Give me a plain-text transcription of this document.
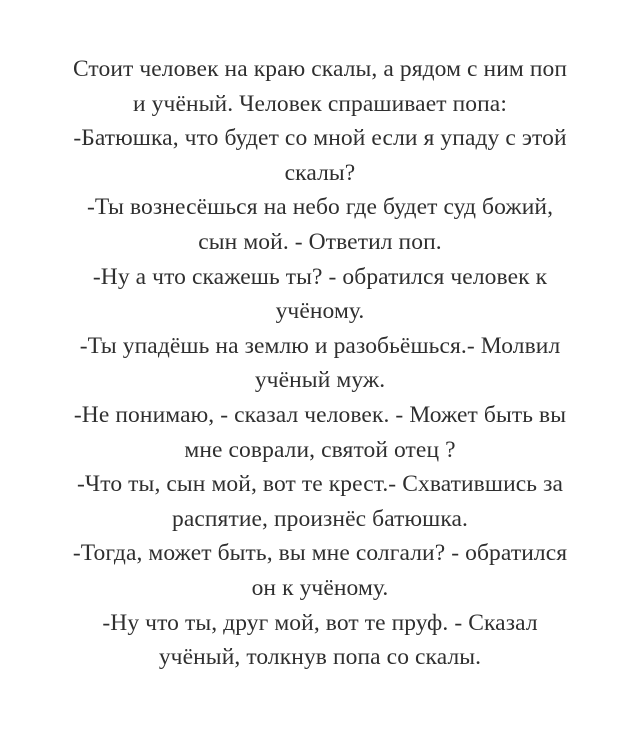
Стоит человек на краю скалы, а рядом с ним поп
и учёный. Человек спрашивает попа:
-Батюшка, что будет со мной если я упаду с этой
скалы?
-Ты вознесёшься на небо где будет суд божий,
сын мой. - Ответил поп.
-Ну а что скажешь ты? - обратился человек к
учёному.
-Ты упадёшь на землю и разобьёшься.- Молвил
учёный муж.
-Не понимаю, - сказал человек. - Может быть вы
мне соврали, святой отец ?
-Что ты, сын мой, вот те крест.- Схватившись за
распятие, произнёс батюшка.
-Тогда, может быть, вы мне солгали? - обратился
он к учёному.
-Ну что ты, друг мой, вот те пруф. - Сказал
учёный, толкнув попа со скалы.
